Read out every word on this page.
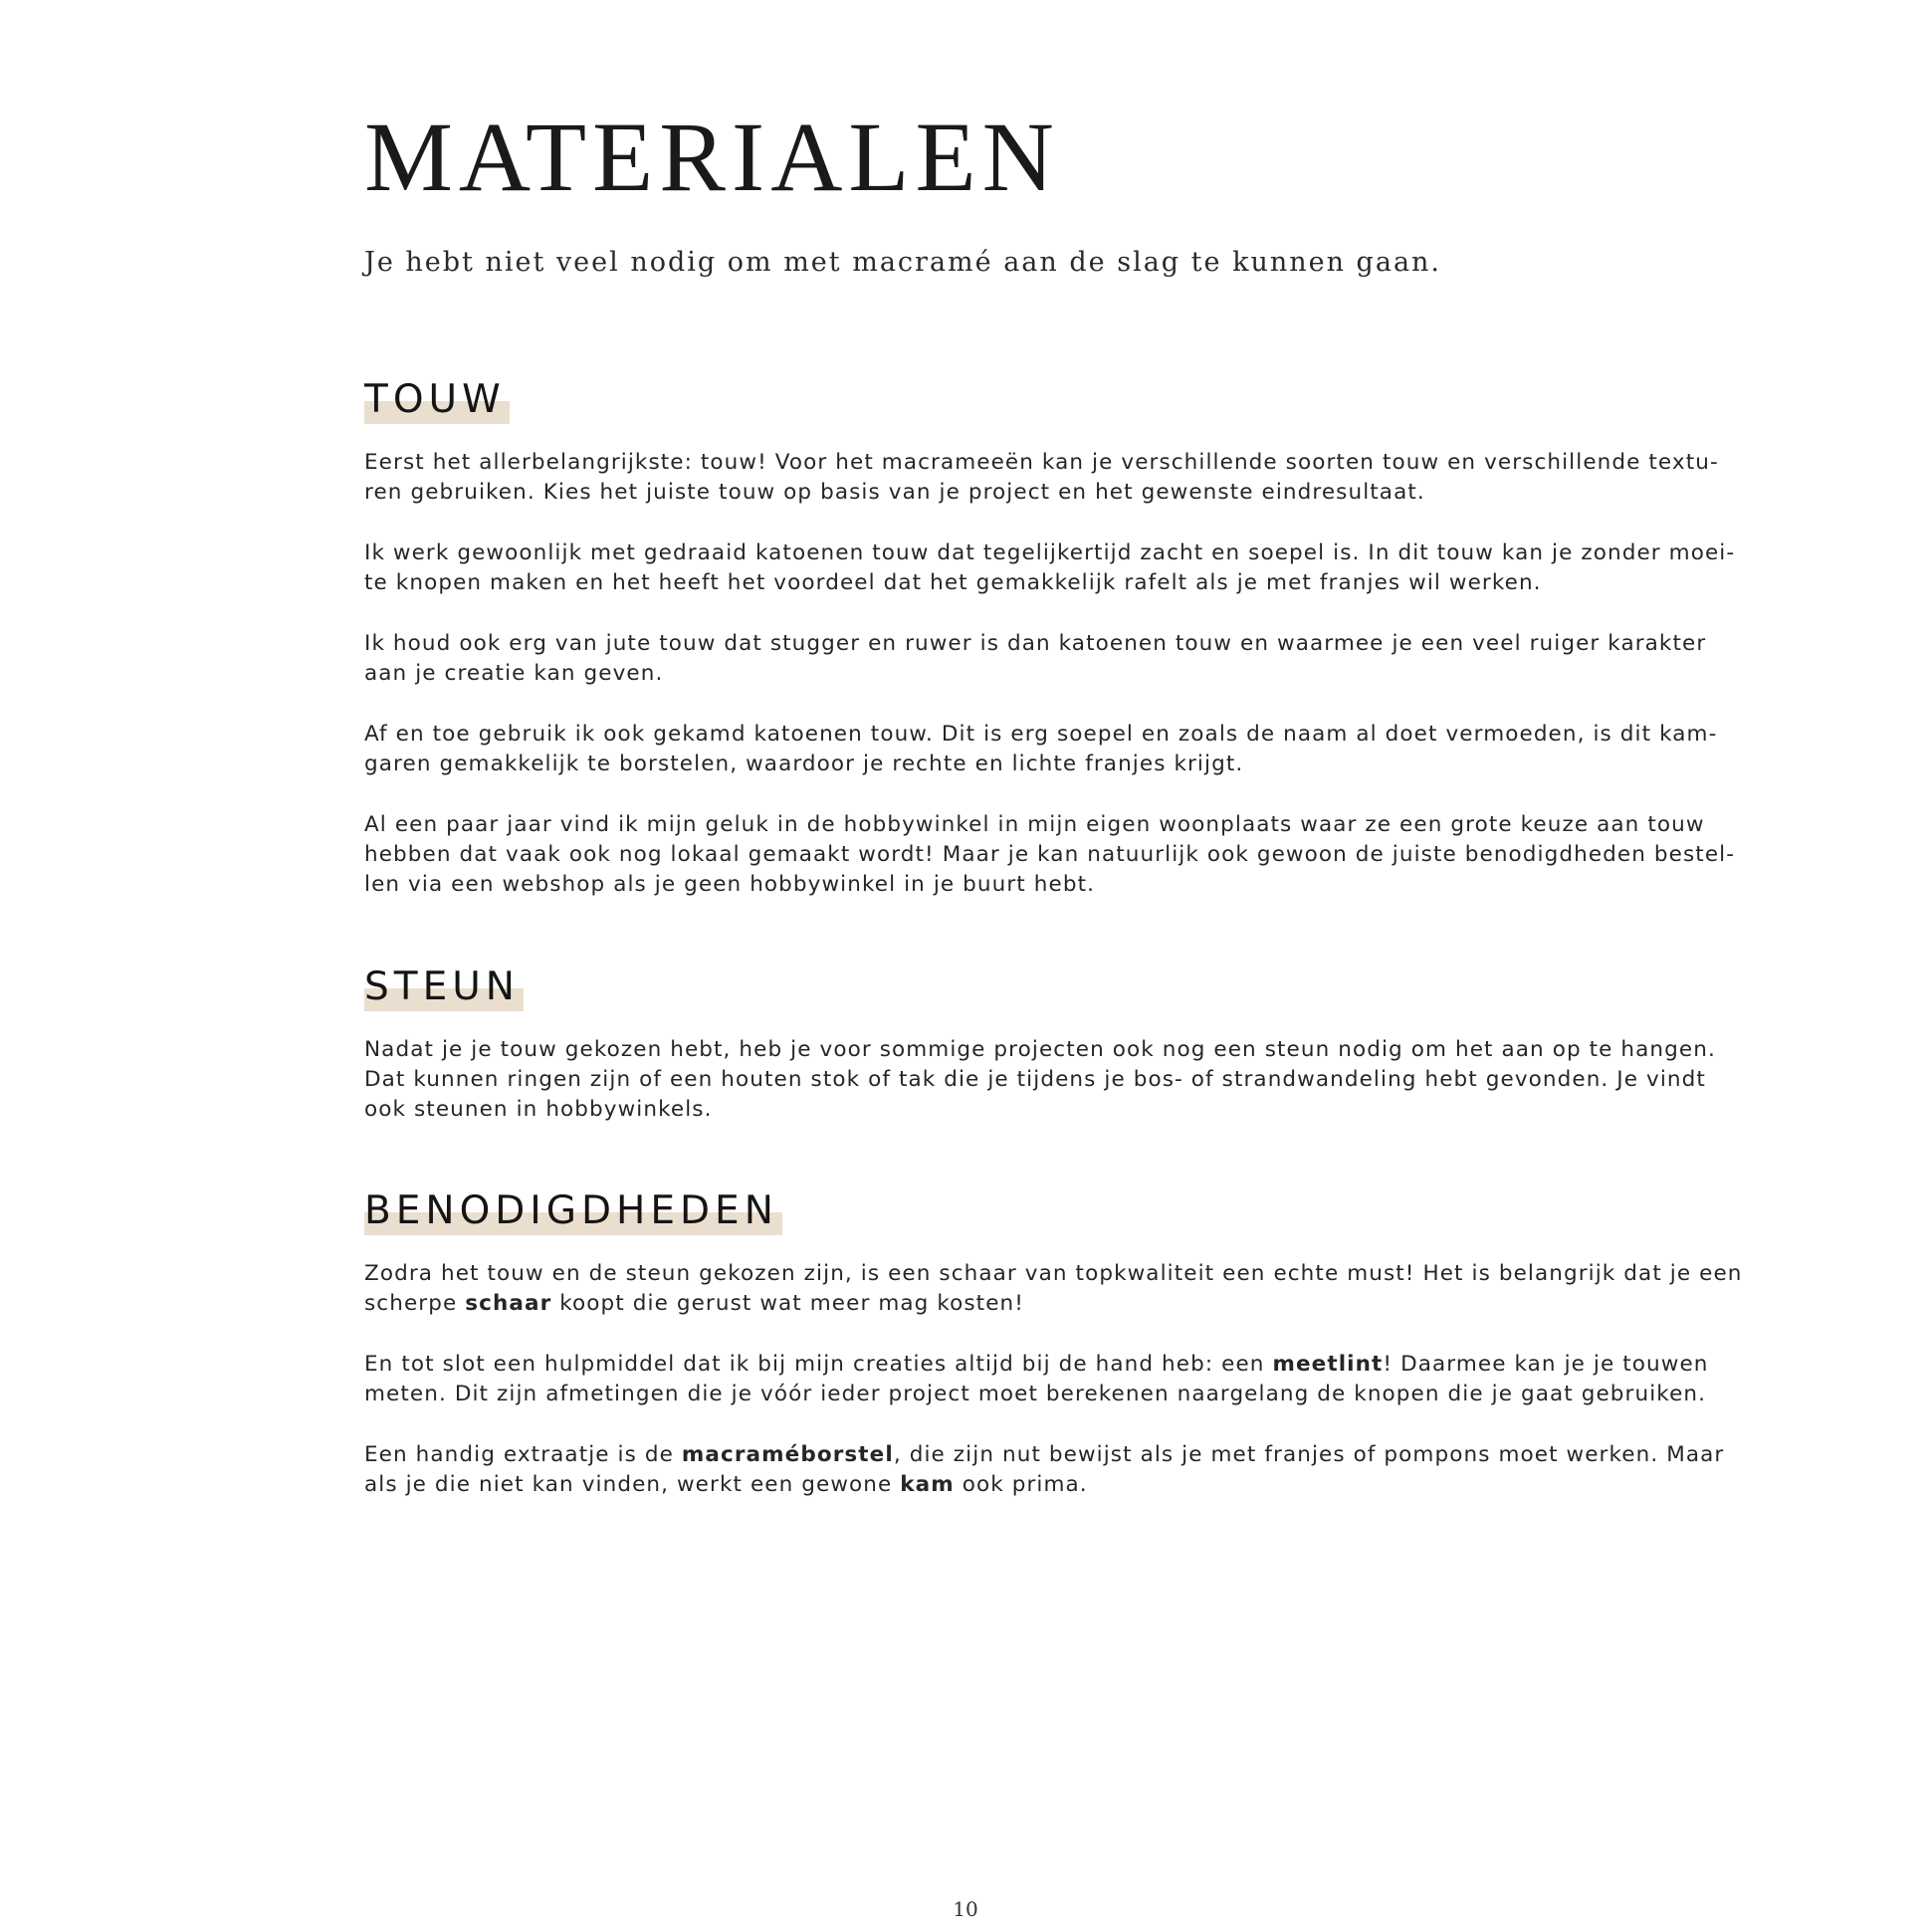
MATERIALEN

Je hebt niet veel nodig om met macramé aan de slag te kunnen gaan.

TOUW

Eerst het allerbelangrijkste: touw! Voor het macrameeën kan je verschillende soorten touw en verschillende textu-
ren gebruiken. Kies het juiste touw op basis van je project en het gewenste eindresultaat.

Ik werk gewoonlijk met gedraaid katoenen touw dat tegelijkertijd zacht en soepel is. In dit touw kan je zonder moei-
te knopen maken en het heeft het voordeel dat het gemakkelijk rafelt als je met franjes wil werken.

Ik houd ook erg van jute touw dat stugger en ruwer is dan katoenen touw en waarmee je een veel ruiger karakter
aan je creatie kan geven.

Af en toe gebruik ik ook gekamd katoenen touw. Dit is erg soepel en zoals de naam al doet vermoeden, is dit kam-
garen gemakkelijk te borstelen, waardoor je rechte en lichte franjes krijgt.

Al een paar jaar vind ik mijn geluk in de hobbywinkel in mijn eigen woonplaats waar ze een grote keuze aan touw
hebben dat vaak ook nog lokaal gemaakt wordt! Maar je kan natuurlijk ook gewoon de juiste benodigdheden bestel-
len via een webshop als je geen hobbywinkel in je buurt hebt.

STEUN

Nadat je je touw gekozen hebt, heb je voor sommige projecten ook nog een steun nodig om het aan op te hangen.
Dat kunnen ringen zijn of een houten stok of tak die je tijdens je bos- of strandwandeling hebt gevonden. Je vindt
ook steunen in hobbywinkels.

BENODIGDHEDEN

Zodra het touw en de steun gekozen zijn, is een schaar van topkwaliteit een echte must! Het is belangrijk dat je een
scherpe schaar koopt die gerust wat meer mag kosten!

En tot slot een hulpmiddel dat ik bij mijn creaties altijd bij de hand heb: een meetlint! Daarmee kan je je touwen
meten. Dit zijn afmetingen die je vóór ieder project moet berekenen naargelang de knopen die je gaat gebruiken.

Een handig extraatje is de macraméborstel, die zijn nut bewijst als je met franjes of pompons moet werken. Maar
als je die niet kan vinden, werkt een gewone kam ook prima.

10
